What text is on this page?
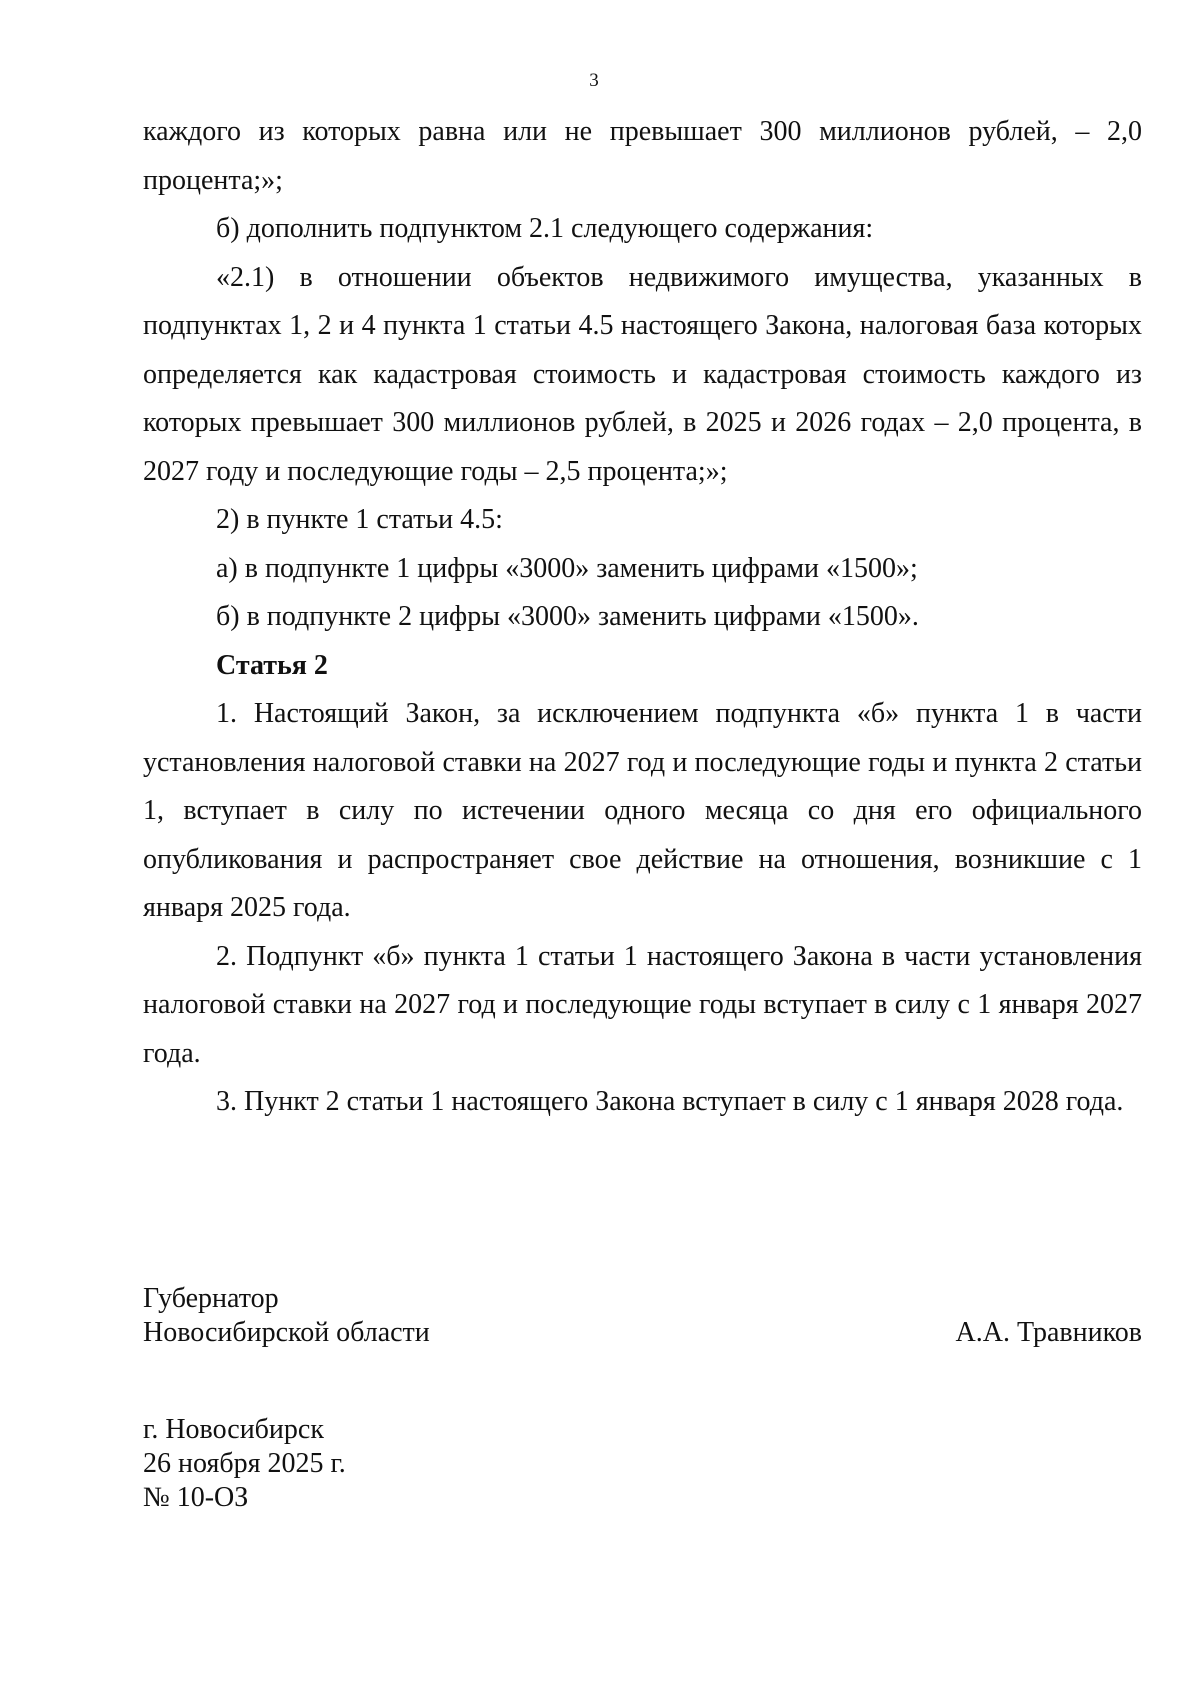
3

каждого из которых равна или не превышает 300 миллионов рублей, – 2,0 процента;»;

б) дополнить подпунктом 2.1 следующего содержания:

«2.1) в отношении объектов недвижимого имущества, указанных в подпунктах 1, 2 и 4 пункта 1 статьи 4.5 настоящего Закона, налоговая база которых определяется как кадастровая стоимость и кадастровая стоимость каждого из которых превышает 300 миллионов рублей, в 2025 и 2026 годах – 2,0 процента, в 2027 году и последующие годы – 2,5 процента;»;

2) в пункте 1 статьи 4.5:

а) в подпункте 1 цифры «3000» заменить цифрами «1500»;

б) в подпункте 2 цифры «3000» заменить цифрами «1500».

Статья 2

1. Настоящий Закон, за исключением подпункта «б» пункта 1 в части установления налоговой ставки на 2027 год и последующие годы и пункта 2 статьи 1, вступает в силу по истечении одного месяца со дня его официального опубликования и распространяет свое действие на отношения, возникшие с 1 января 2025 года.

2. Подпункт «б» пункта 1 статьи 1 настоящего Закона в части установления налоговой ставки на 2027 год и последующие годы вступает в силу с 1 января 2027 года.

3. Пункт 2 статьи 1 настоящего Закона вступает в силу с 1 января 2028 года.

Губернатор
Новосибирской области	А.А. Травников
г. Новосибирск
26 ноября 2025 г.
№ 10-ОЗ
